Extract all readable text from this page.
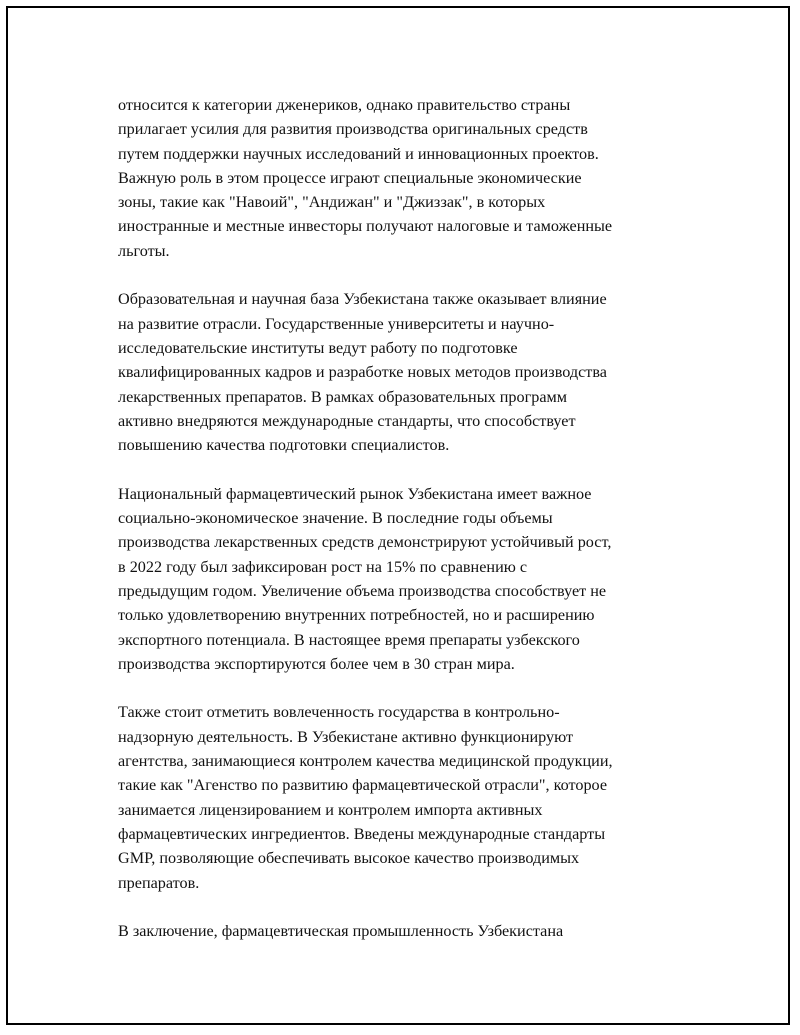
относится к категории дженериков, однако правительство страны
прилагает усилия для развития производства оригинальных средств
путем поддержки научных исследований и инновационных проектов.
Важную роль в этом процессе играют специальные экономические
зоны, такие как "Навоий", "Андижан" и "Джиззак", в которых
иностранные и местные инвесторы получают налоговые и таможенные
льготы.

Образовательная и научная база Узбекистана также оказывает влияние
на развитие отрасли. Государственные университеты и научно-
исследовательские институты ведут работу по подготовке
квалифицированных кадров и разработке новых методов производства
лекарственных препаратов. В рамках образовательных программ
активно внедряются международные стандарты, что способствует
повышению качества подготовки специалистов.

Национальный фармацевтический рынок Узбекистана имеет важное
социально-экономическое значение. В последние годы объемы
производства лекарственных средств демонстрируют устойчивый рост,
в 2022 году был зафиксирован рост на 15% по сравнению с
предыдущим годом. Увеличение объема производства способствует не
только удовлетворению внутренних потребностей, но и расширению
экспортного потенциала. В настоящее время препараты узбекского
производства экспортируются более чем в 30 стран мира.

Также стоит отметить вовлеченность государства в контрольно-
надзорную деятельность. В Узбекистане активно функционируют
агентства, занимающиеся контролем качества медицинской продукции,
такие как "Агенство по развитию фармацевтической отрасли", которое
занимается лицензированием и контролем импорта активных
фармацевтических ингредиентов. Введены международные стандарты
GMP, позволяющие обеспечивать высокое качество производимых
препаратов.

В заключение, фармацевтическая промышленность Узбекистана
